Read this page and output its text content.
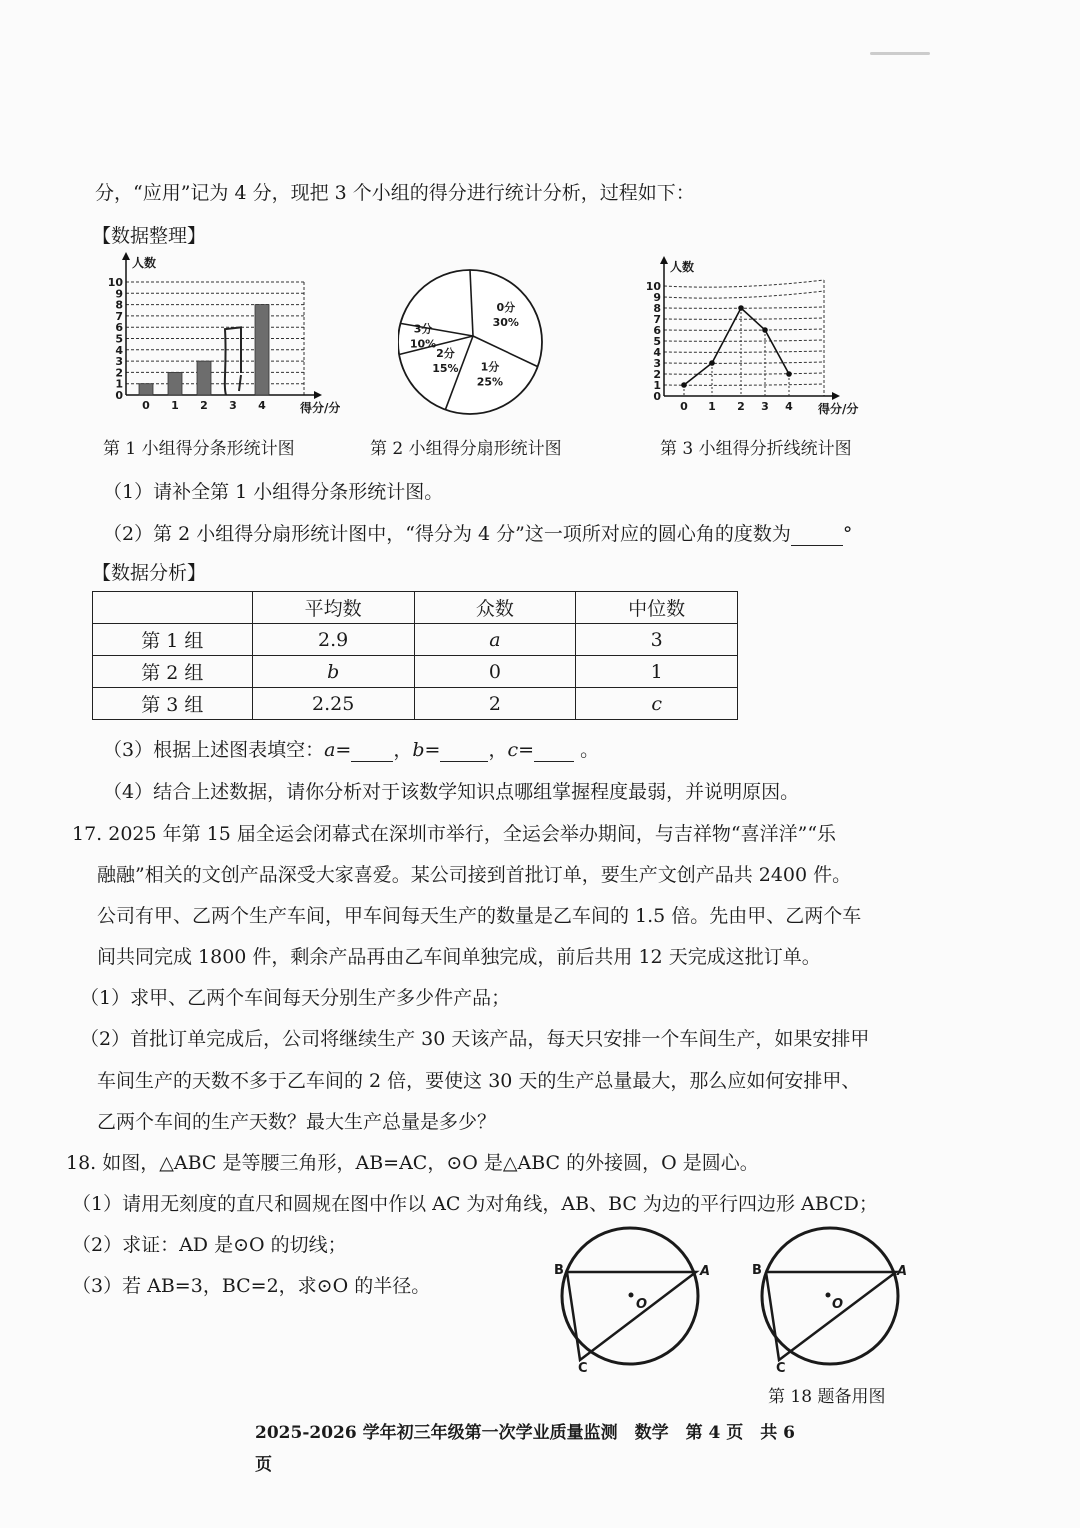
分，“应用”记为 4 分，现把 3 个小组的得分进行统计分析，过程如下：
【数据整理】
0
1
2
3
4
5
6
7
8
9
10
人数
得分/分
0 1 2 3 4
第 1 小组得分条形统计图
0分
30%
1分
25%
2分
15%
3分
10%
第 2 小组得分扇形统计图
0
1
2
3
4
5
6
7
8
9
10
人数
得分/分
0 1 2 3 4
第 3 小组得分折线统计图
（1）请补全第 1 小组得分条形统计图。
（2）第 2 小组得分扇形统计图中，“得分为 4 分”这一项所对应的圆心角的度数为	°
【数据分析】
	平均数	众数	中位数
第 1 组	2.9	a	3
第 2 组	b	0	1
第 3 组	2.25	2	c
（3）根据上述图表填空：a= ，b=	，c= 。
（4）结合上述数据，请你分析对于该数学知识点哪组掌握程度最弱，并说明原因。
17. 2025 年第 15 届全运会闭幕式在深圳市举行，全运会举办期间，与吉祥物“喜洋洋”“乐
融融”相关的文创产品深受大家喜爱。某公司接到首批订单，要生产文创产品共 2400 件。
公司有甲、乙两个生产车间，甲车间每天生产的数量是乙车间的 1.5 倍。先由甲、乙两个车
间共同完成 1800 件，剩余产品再由乙车间单独完成，前后共用 12 天完成这批订单。
（1）求甲、乙两个车间每天分别生产多少件产品；
（2）首批订单完成后，公司将继续生产 30 天该产品，每天只安排一个车间生产，如果安排甲
车间生产的天数不多于乙车间的 2 倍，要使这 30 天的生产总量最大，那么应如何安排甲、
乙两个车间的生产天数？最大生产总量是多少？
18. 如图，△ABC 是等腰三角形，AB=AC，⊙O 是△ABC 的外接圆，O 是圆心。
（1）请用无刻度的直尺和圆规在图中作以 AC 为对角线，AB、BC 为边的平行四边形 ABCD；
（2）求证：AD 是⊙O 的切线；
（3）若 AB=3，BC=2，求⊙O 的半径。
B	A
C
O
B	A
C
O
第 18 题备用图
2025-2026 学年初三年级第一次学业质量监测　数学　第 4 页　共 6
页
